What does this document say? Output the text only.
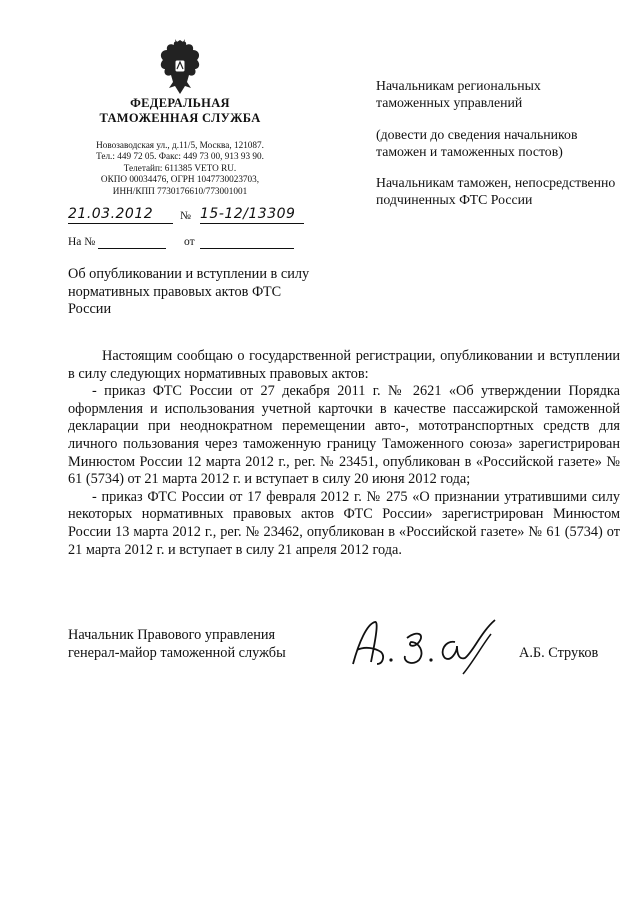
ФЕДЕРАЛЬНАЯ
ТАМОЖЕННАЯ СЛУЖБА
Новозаводская ул., д.11/5, Москва, 121087.
Тел.: 449 72 05. Факс: 449 73 00, 913 93 90.
Телетайп: 611385 VETO RU.
ОКПО 00034476, ОГРН 1047730023703,
ИНН/КПП 7730176610/773001001
21.03.2012	№ 15-12/13309
На №	от
Об опубликовании и вступлении в силу нормативных правовых актов ФТС России

Начальникам региональных таможенных управлений

(довести до сведения начальников таможен и таможенных постов)

Начальникам таможен, непосредственно подчиненных ФТС России

Настоящим сообщаю о государственной регистрации, опубликовании и вступлении в силу следующих нормативных правовых актов:

- приказ ФТС России от 27 декабря 2011 г. № 2621 «Об утверждении Порядка оформления и использования учетной карточки в качестве пассажирской таможенной декларации при неоднократном перемещении авто-, мототранспортных средств для личного пользования через таможенную границу Таможенного союза» зарегистрирован Минюстом России 12 марта 2012 г., рег. № 23451, опубликован в «Российской газете» № 61 (5734) от 21 марта 2012 г. и вступает в силу 20 июня 2012 года;

- приказ ФТС России от 17 февраля 2012 г. № 275 «О признании утратившими силу некоторых нормативных правовых актов ФТС России» зарегистрирован Минюстом России 13 марта 2012 г., рег. № 23462, опубликован в «Российской газете» № 61 (5734) от 21 марта 2012 г. и вступает в силу 21 апреля 2012 года.

Начальник Правового управления
генерал-майор таможенной службы	А.Б. Струков
